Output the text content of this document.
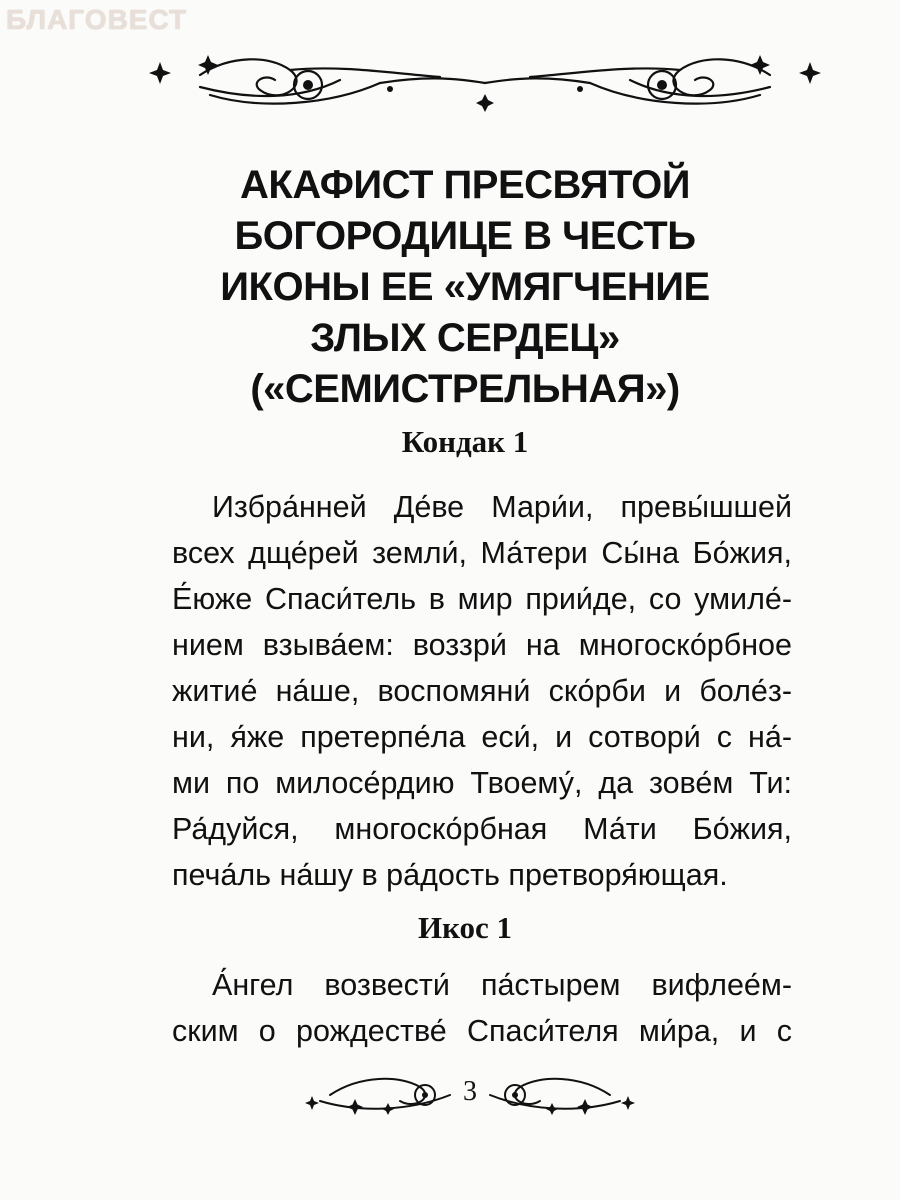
БЛАГОВЕСТ
АКАФИСТ ПРЕСВЯТОЙ
БОГОРОДИЦЕ В ЧЕСТЬ
ИКОНЫ ЕЕ «УМЯГЧЕНИЕ
ЗЛЫХ СЕРДЕЦ»
(«СЕМИСТРЕЛЬНАЯ»)
Кондак 1
Избра́нней Де́ве Мари́и, превы́шшей
всех дще́рей земли́, Ма́тери Сы́на Бо́жия,
Е́юже Спаси́тель в мир прии́де, со умиле́-
нием взыва́ем: воззри́ на многоско́рбное
житие́ на́ше, воспомяни́ ско́рби и боле́з-
ни, я́же претерпе́ла еси́, и сотвори́ с на́-
ми по милосе́рдию Твоему́, да зове́м Ти:
Ра́дуйся, многоско́рбная Ма́ти Бо́жия,
печа́ль на́шу в ра́дость претворя́ющая.
Икос 1
А́нгел возвести́ па́стырем вифлее́м-
ским о рождестве́ Спаси́теля ми́ра, и с
3
